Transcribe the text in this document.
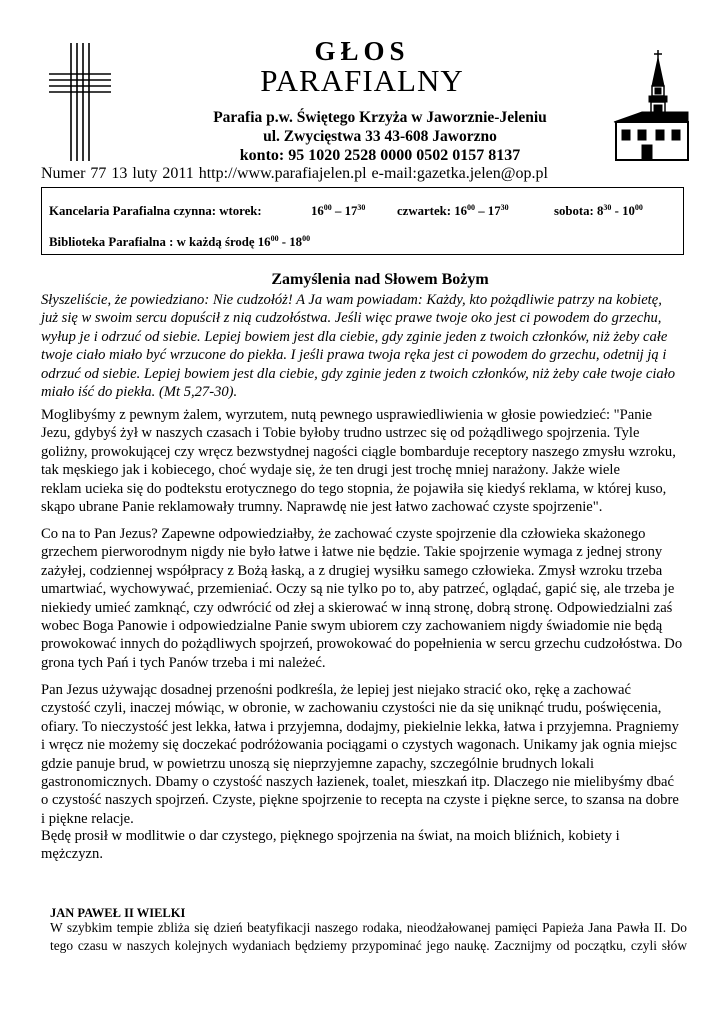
GŁOS
PARAFIALNY
Parafia p.w. Świętego Krzyża w Jaworznie-Jeleniu
ul. Zwycięstwa 33 43-608 Jaworzno
konto: 95 1020 2528 0000 0502 0157 8137
Numer 77 13 luty 2011 http://www.parafiajelen.pl e-mail:gazetka.jelen@op.pl
Kancelaria Parafialna czynna: wtorek:	$16^{00} - 17^{30}$ czwartek: $16^{00} - 17^{30}$	sobota: $8^{30} - 10^{00}$
Biblioteka Parafialna : w każdą środę $16^{00} - 18^{00}$
Zamyślenia nad Słowem Bożym
Słyszeliście, że powiedziano: Nie cudzołóż! A Ja wam powiadam: Każdy, kto pożądliwie patrzy na kobietę,
już się w swoim sercu dopuścił z nią cudzołóstwa. Jeśli więc prawe twoje oko jest ci powodem do grzechu,
wyłup je i odrzuć od siebie. Lepiej bowiem jest dla ciebie, gdy zginie jeden z twoich członków, niż żeby całe
twoje ciało miało być wrzucone do piekła. I jeśli prawa twoja ręka jest ci powodem do grzechu, odetnij ją i
odrzuć od siebie. Lepiej bowiem jest dla ciebie, gdy zginie jeden z twoich członków, niż żeby całe twoje ciało
miało iść do piekła. (Mt 5,27-30).
Moglibyśmy z pewnym żalem, wyrzutem, nutą pewnego usprawiedliwienia w głosie powiedzieć: "Panie
Jezu, gdybyś żył w naszych czasach i Tobie byłoby trudno ustrzec się od pożądliwego spojrzenia. Tyle
goliżny, prowokującej czy wręcz bezwstydnej nagości ciągle bombarduje receptory naszego zmysłu wzroku,
tak męskiego jak i kobiecego, choć wydaje się, że ten drugi jest trochę mniej narażony. Jakże wiele
reklam ucieka się do podtekstu erotycznego do tego stopnia, że pojawiła się kiedyś reklama, w której kuso,
skąpo ubrane Panie reklamowały trumny. Naprawdę nie jest łatwo zachować czyste spojrzenie".
Co na to Pan Jezus? Zapewne odpowiedziałby, że zachować czyste spojrzenie dla człowieka skażonego
grzechem pierworodnym nigdy nie było łatwe i łatwe nie będzie. Takie spojrzenie wymaga z jednej strony
zażyłej, codziennej współpracy z Bożą łaską, a z drugiej wysiłku samego człowieka. Zmysł wzroku trzeba
umartwiać, wychowywać, przemieniać. Oczy są nie tylko po to, aby patrzeć, oglądać, gapić się, ale trzeba je
niekiedy umieć zamknąć, czy odwrócić od złej a skierować w inną stronę, dobrą stronę. Odpowiedzialni zaś
wobec Boga Panowie i odpowiedzialne Panie swym ubiorem czy zachowaniem nigdy świadomie nie będą
prowokować innych do pożądliwych spojrzeń, prowokować do popełnienia w sercu grzechu cudzołóstwa. Do
grona tych Pań i tych Panów trzeba i mi należeć.
Pan Jezus używając dosadnej przenośni podkreśla, że lepiej jest niejako stracić oko, rękę a zachować
czystość czyli, inaczej mówiąc, w obronie, w zachowaniu czystości nie da się uniknąć trudu, poświęcenia,
ofiary. To nieczystość jest lekka, łatwa i przyjemna, dodajmy, piekielnie lekka, łatwa i przyjemna. Pragniemy
i wręcz nie możemy się doczekać podróżowania pociągami o czystych wagonach. Unikamy jak ognia miejsc
gdzie panuje brud, w powietrzu unoszą się nieprzyjemne zapachy, szczególnie brudnych lokali
gastronomicznych. Dbamy o czystość naszych łazienek, toalet, mieszkań itp. Dlaczego nie mielibyśmy dbać
o czystość naszych spojrzeń. Czyste, piękne spojrzenie to recepta na czyste i piękne serce, to szansa na dobre
i piękne relacje.
Będę prosił w modlitwie o dar czystego, pięknego spojrzenia na świat, na moich bliźnich, kobiety i
mężczyzn.
JAN PAWEŁ II WIELKI
W szybkim tempie zbliża się dzień beatyfikacji naszego rodaka, nieodżałowanej pamięci Papieża Jana Pawła II. Do
tego czasu w naszych kolejnych wydaniach będziemy przypominać jego naukę. Zacznijmy od początku, czyli słów
